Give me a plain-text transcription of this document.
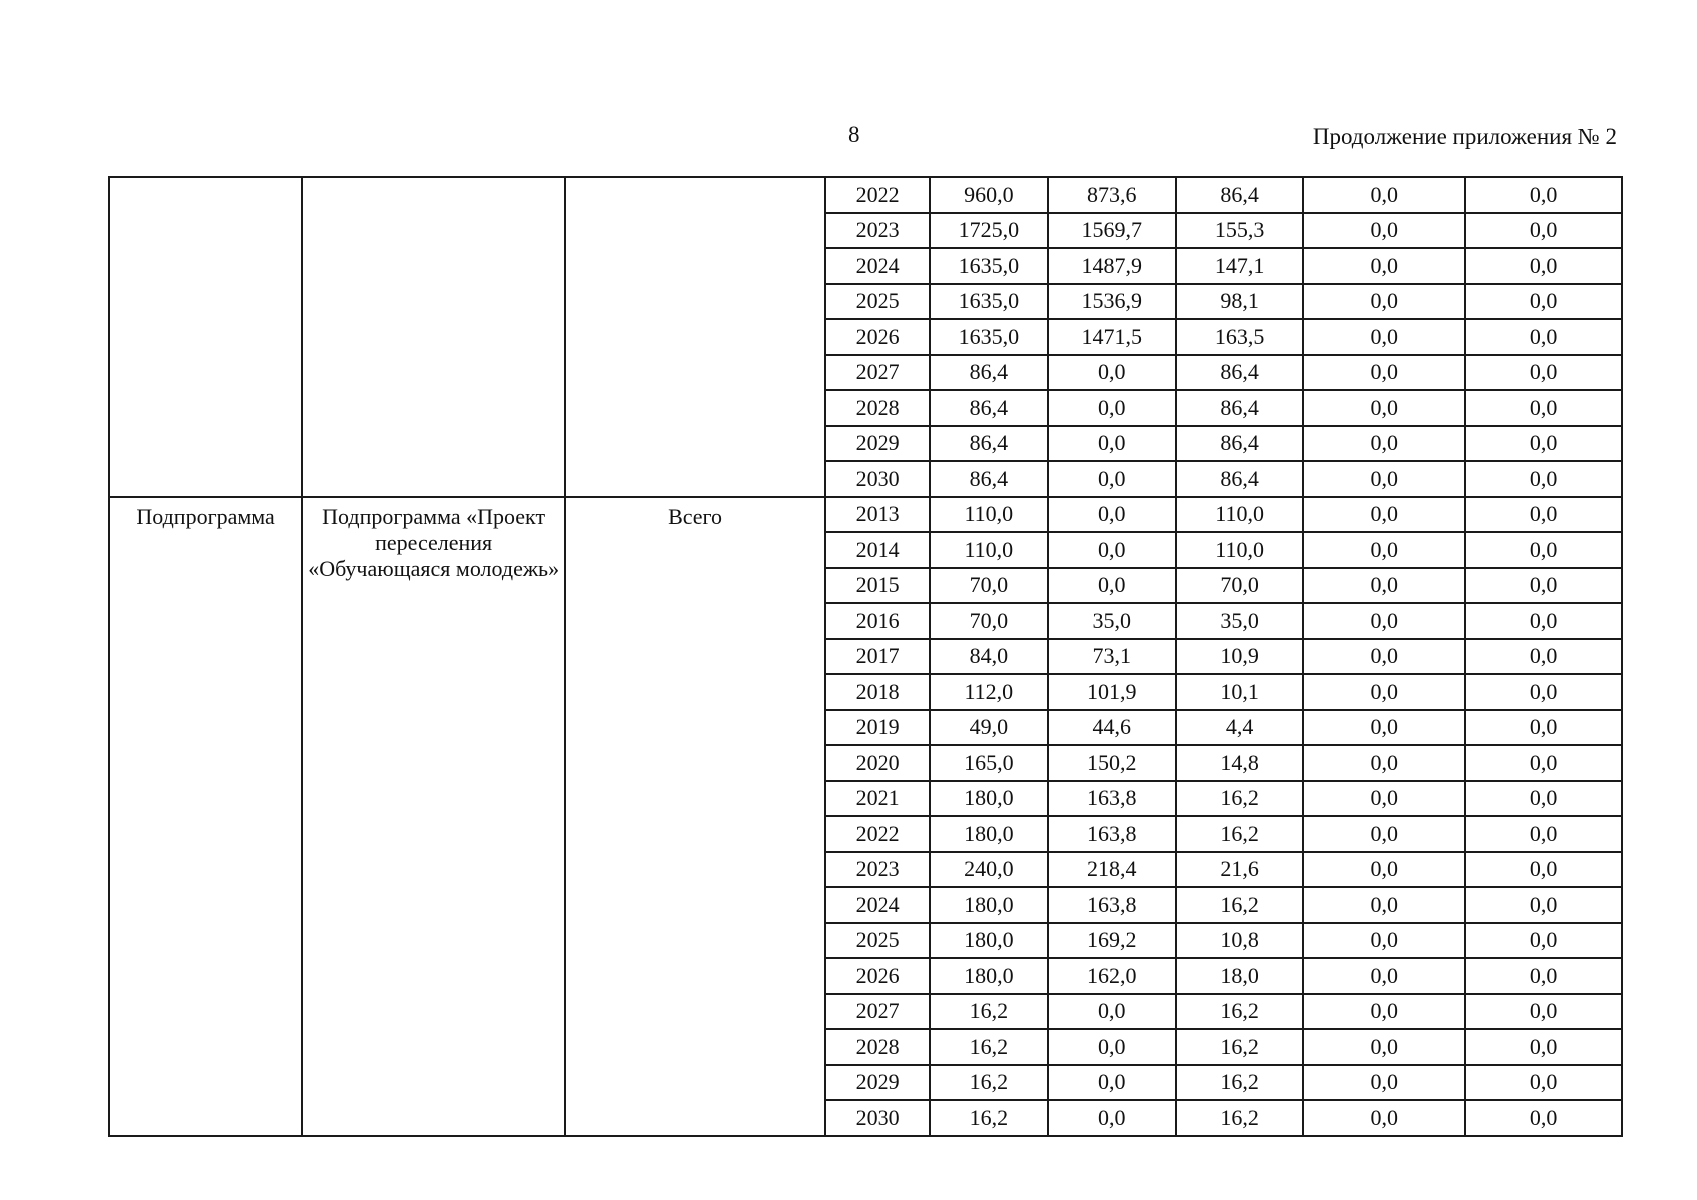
8	Продолжение приложения № 2
			2022	960,0	873,6	86,4	0,0	0,0
			2023	1725,0	1569,7	155,3	0,0	0,0
			2024	1635,0	1487,9	147,1	0,0	0,0
			2025	1635,0	1536,9	98,1	0,0	0,0
			2026	1635,0	1471,5	163,5	0,0	0,0
			2027	86,4	0,0	86,4	0,0	0,0
			2028	86,4	0,0	86,4	0,0	0,0
			2029	86,4	0,0	86,4	0,0	0,0
			2030	86,4	0,0	86,4	0,0	0,0
Подпрограмма	Подпрограмма «Проект переселения «Обучающаяся молодежь»	Всего	2013	110,0	0,0	110,0	0,0	0,0
			2014	110,0	0,0	110,0	0,0	0,0
			2015	70,0	0,0	70,0	0,0	0,0
			2016	70,0	35,0	35,0	0,0	0,0
			2017	84,0	73,1	10,9	0,0	0,0
			2018	112,0	101,9	10,1	0,0	0,0
			2019	49,0	44,6	4,4	0,0	0,0
			2020	165,0	150,2	14,8	0,0	0,0
			2021	180,0	163,8	16,2	0,0	0,0
			2022	180,0	163,8	16,2	0,0	0,0
			2023	240,0	218,4	21,6	0,0	0,0
			2024	180,0	163,8	16,2	0,0	0,0
			2025	180,0	169,2	10,8	0,0	0,0
			2026	180,0	162,0	18,0	0,0	0,0
			2027	16,2	0,0	16,2	0,0	0,0
			2028	16,2	0,0	16,2	0,0	0,0
			2029	16,2	0,0	16,2	0,0	0,0
			2030	16,2	0,0	16,2	0,0	0,0
